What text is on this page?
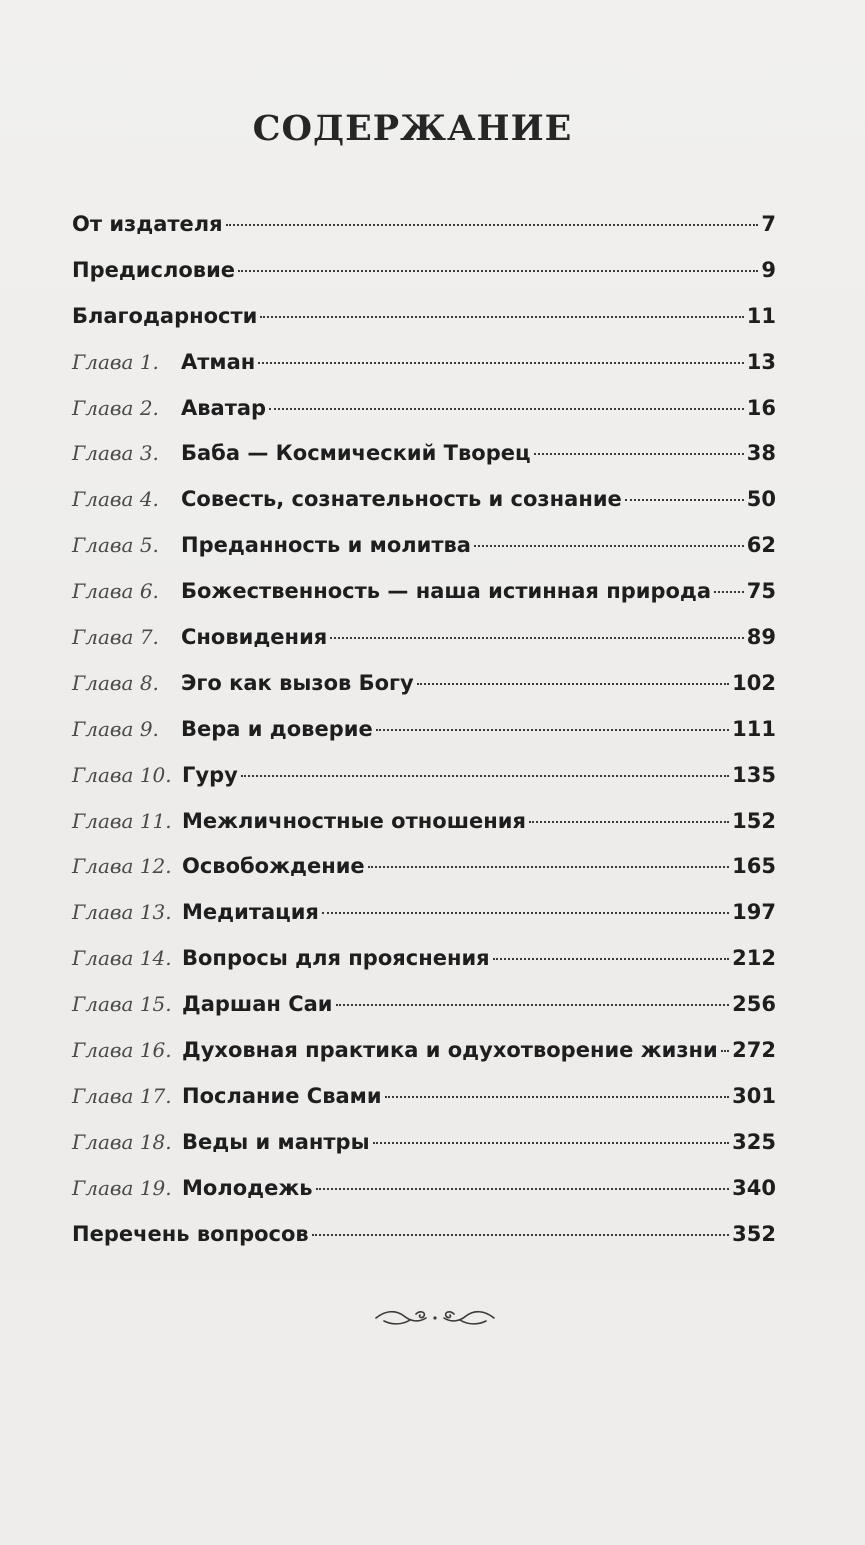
СОДЕРЖАНИЕ
От издателя	7
Предисловие	9
Благодарности	11
Глава 1.	Атман	13
Глава 2.	Аватар	16
Глава 3.	Баба — Космический Творец	38
Глава 4.	Совесть, сознательность и сознание	50
Глава 5.	Преданность и молитва	62
Глава 6.	Божественность — наша истинная природа 75
Глава 7.	Сновидения	89
Глава 8.	Эго как вызов Богу	102
Глава 9.	Вера и доверие	111
Глава 10. Гуру	135
Глава 11. Межличностные отношения	152
Глава 12. Освобождение	165
Глава 13. Медитация	197
Глава 14. Вопросы для прояснения	212
Глава 15. Даршан Саи	256
Глава 16. Духовная практика и одухотворение жизни 272
Глава 17. Послание Свами	301
Глава 18. Веды и мантры	325
Глава 19. Молодежь	340
Перечень вопросов	352
